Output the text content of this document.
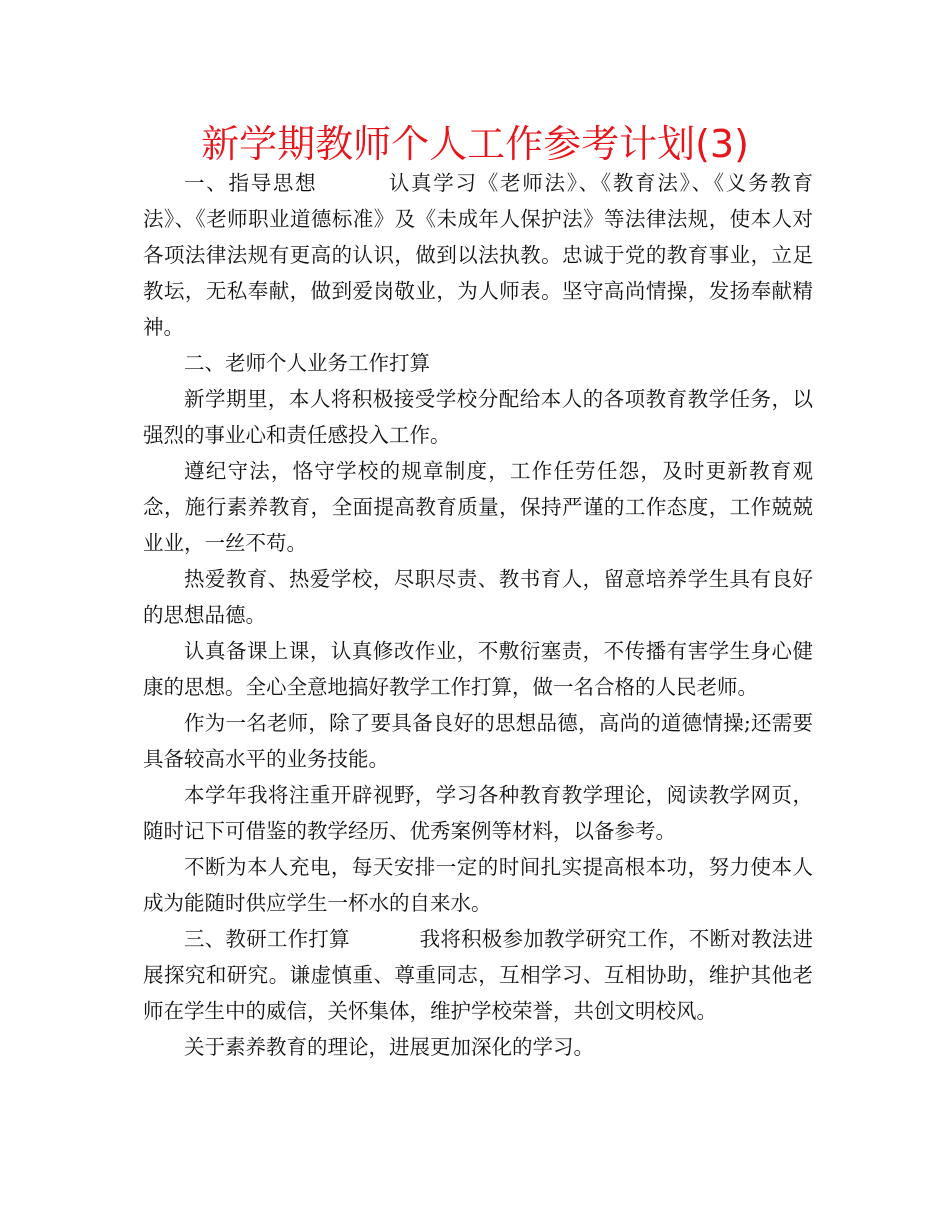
新学期教师个人工作参考计划(3)

一、指导思想	认真学习《老师法》、《教育法》、《义务教育法》、《老师职业道德标准》及《未成年人保护法》等法律法规，使本人对各项法律法规有更高的认识，做到以法执教。忠诚于党的教育事业，立足教坛，无私奉献，做到爱岗敬业，为人师表。坚守高尚情操，发扬奉献精神。

二、老师个人业务工作打算

新学期里，本人将积极接受学校分配给本人的各项教育教学任务，以强烈的事业心和责任感投入工作。

遵纪守法，恪守学校的规章制度，工作任劳任怨，及时更新教育观念，施行素养教育，全面提高教育质量，保持严谨的工作态度，工作兢兢业业，一丝不苟。

热爱教育、热爱学校，尽职尽责、教书育人，留意培养学生具有良好的思想品德。

认真备课上课，认真修改作业，不敷衍塞责，不传播有害学生身心健康的思想。全心全意地搞好教学工作打算，做一名合格的人民老师。

作为一名老师，除了要具备良好的思想品德，高尚的道德情操;还需要具备较高水平的业务技能。

本学年我将注重开辟视野，学习各种教育教学理论，阅读教学网页，随时记下可借鉴的教学经历、优秀案例等材料，以备参考。

不断为本人充电，每天安排一定的时间扎实提高根本功，努力使本人成为能随时供应学生一杯水的自来水。

三、教研工作打算	我将积极参加教学研究工作，不断对教法进展探究和研究。谦虚慎重、尊重同志，互相学习、互相协助，维护其他老师在学生中的威信，关怀集体，维护学校荣誉，共创文明校风。

关于素养教育的理论，进展更加深化的学习。
